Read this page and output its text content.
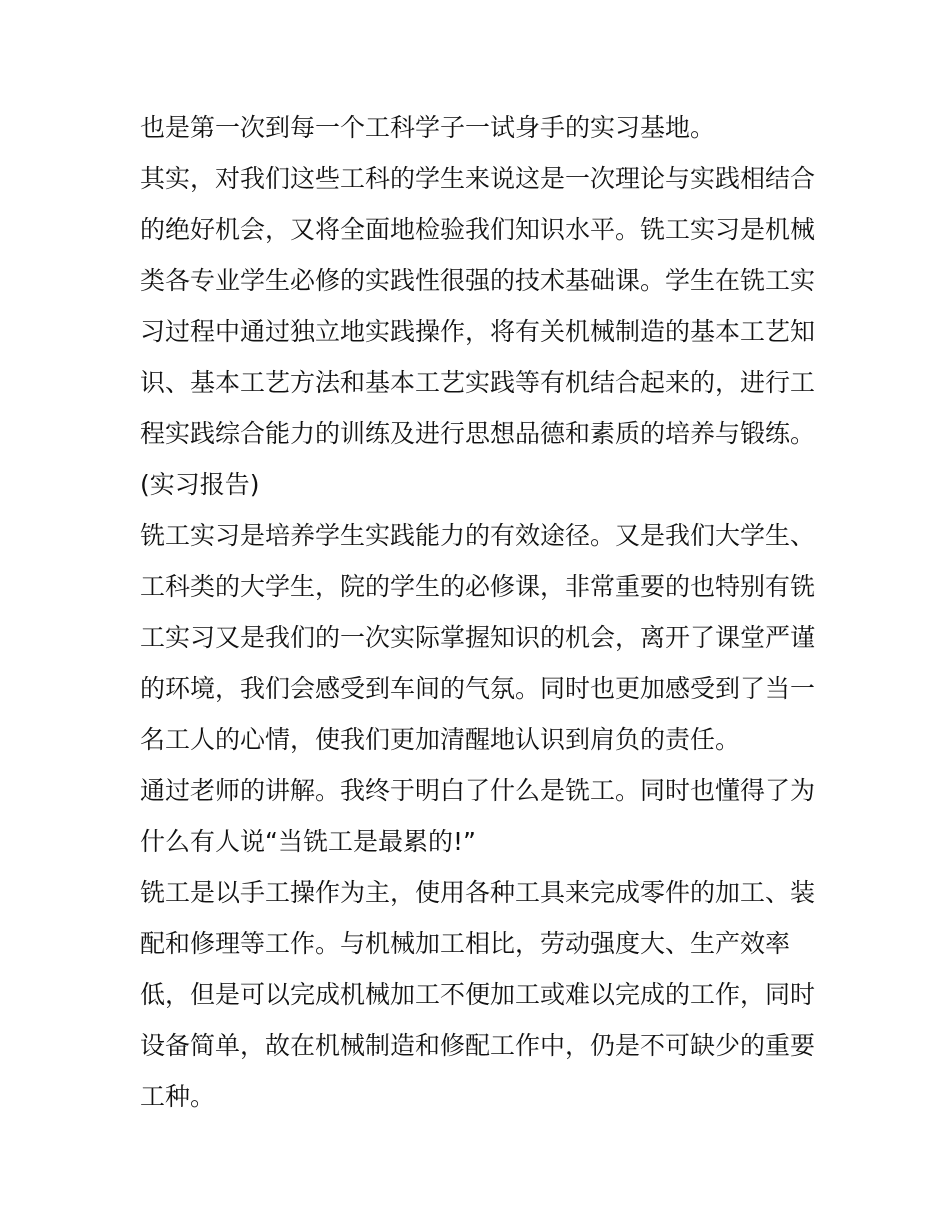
也是第一次到每一个工科学子一试身手的实习基地。

其实，对我们这些工科的学生来说这是一次理论与实践相结合

的绝好机会，又将全面地检验我们知识水平。铣工实习是机械

类各专业学生必修的实践性很强的技术基础课。学生在铣工实

习过程中通过独立地实践操作，将有关机械制造的基本工艺知

识、基本工艺方法和基本工艺实践等有机结合起来的，进行工

程实践综合能力的训练及进行思想品德和素质的培养与锻练。

(实习报告)

铣工实习是培养学生实践能力的有效途径。又是我们大学生、

工科类的大学生，院的学生的必修课，非常重要的也特别有铣

工实习又是我们的一次实际掌握知识的机会，离开了课堂严谨

的环境，我们会感受到车间的气氛。同时也更加感受到了当一

名工人的心情，使我们更加清醒地认识到肩负的责任。

通过老师的讲解。我终于明白了什么是铣工。同时也懂得了为

什么有人说“当铣工是最累的!”

铣工是以手工操作为主，使用各种工具来完成零件的加工、装

配和修理等工作。与机械加工相比，劳动强度大、生产效率

低，但是可以完成机械加工不便加工或难以完成的工作，同时

设备简单，故在机械制造和修配工作中，仍是不可缺少的重要

工种。
